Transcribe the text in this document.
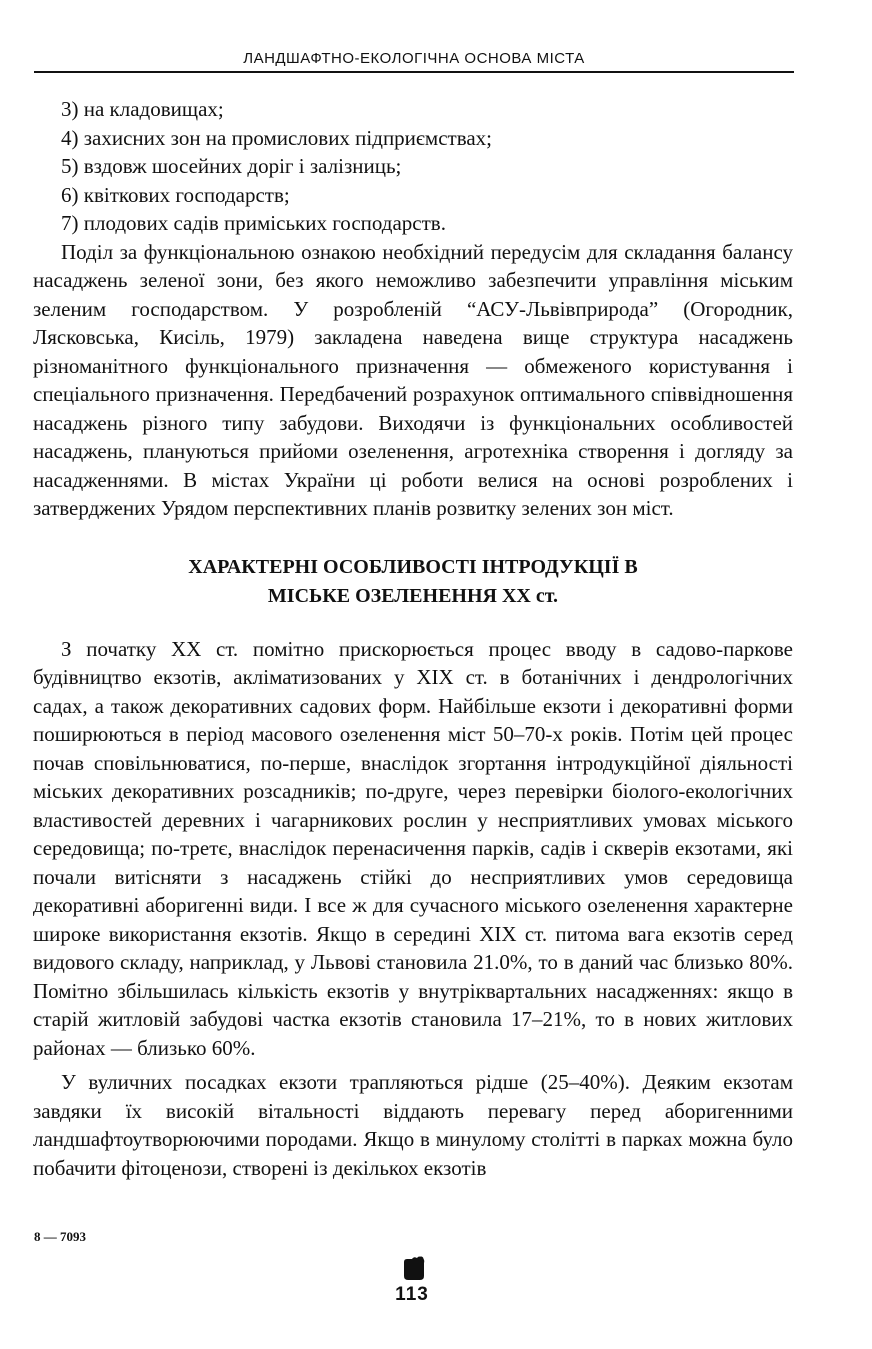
ЛАНДШАФТНО-ЕКОЛОГІЧНА ОСНОВА МІСТА

3) на кладовищах;

4) захисних зон на промислових підприємствах;

5) вздовж шосейних доріг і залізниць;

6) квіткових господарств;

7) плодових садів приміських господарств.

Поділ за функціональною ознакою необхідний передусім для складання балансу насаджень зеленої зони, без якого неможливо забезпечити управління міським зеленим господарством. У розробленій “АСУ-Львівприрода” (Огородник, Лясковська, Кисіль, 1979) закладена наведена вище структура насаджень різноманітного функціонального призначення — обмеженого користування і спеціального призначення. Передбачений розрахунок оптимального співвідношення насаджень різного типу забудови. Виходячи із функціональних особливостей насаджень, плануються прийоми озеленення, агротехніка створення і догляду за насадженнями. В містах України ці роботи велися на основі розроблених і затверджених Урядом перспективних планів розвитку зелених зон міст.

ХАРАКТЕРНІ ОСОБЛИВОСТІ ІНТРОДУКЦІЇ В
МІСЬКЕ ОЗЕЛЕНЕННЯ XX ст.

З початку XX ст. помітно прискорюється процес вводу в садово-паркове будівництво екзотів, акліматизованих у XIX ст. в ботанічних і дендрологічних садах, а також декоративних садових форм. Найбільше екзоти і декоративні форми поширюються в період масового озеленення міст 50–70-х років. Потім цей процес почав сповільнюватися, по-перше, внаслідок згортання інтродукційної діяльності міських декоративних розсадників; по-друге, через перевірки біолого-екологічних властивостей деревних і чагарникових рослин у несприятливих умовах міського середовища; по-третє, внаслідок перенасичення парків, садів і скверів екзотами, які почали витісняти з насаджень стійкі до несприятливих умов середовища декоративні аборигенні види. І все ж для сучасного міського озеленення характерне широке використання екзотів. Якщо в середині XIX ст. питома вага екзотів серед видового складу, наприклад, у Львові становила 21.0%, то в даний час близько 80%. Помітно збільшилась кількість екзотів у внутріквартальних насадженнях: якщо в старій житловій забудові частка екзотів становила 17–21%, то в нових житлових районах — близько 60%.

У вуличних посадках екзоти трапляються рідше (25–40%). Деяким екзотам завдяки їх високій вітальності віддають перевагу перед аборигенними ландшафтоутворюючими породами. Якщо в минулому столітті в парках можна було побачити фітоценози, створені із декількох екзотів

8 — 7093
113
